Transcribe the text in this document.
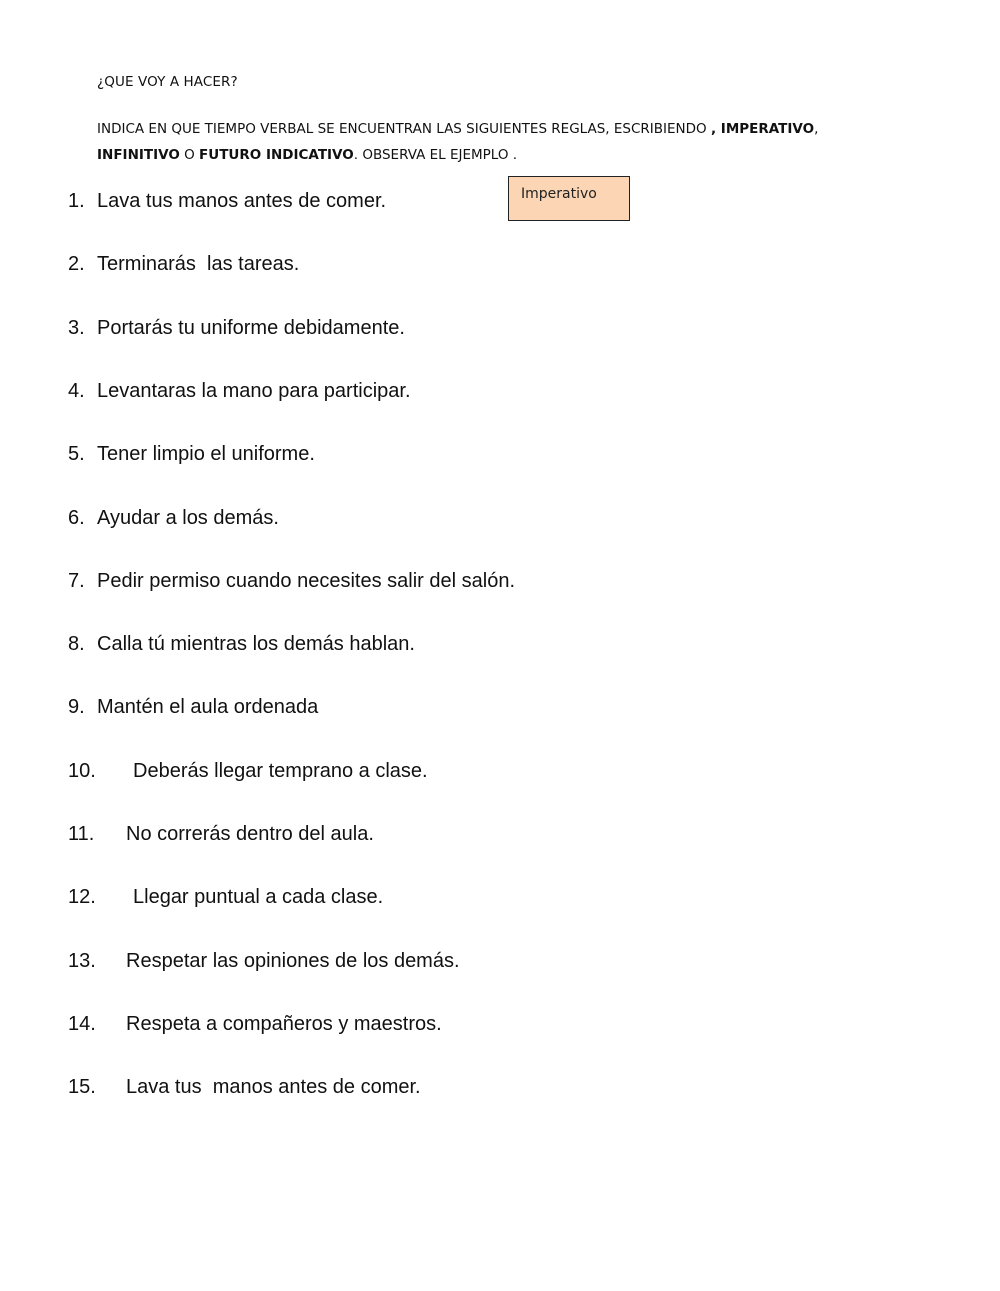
¿QUE VOY A HACER?

INDICA EN QUE TIEMPO VERBAL SE ENCUENTRAN LAS SIGUIENTES REGLAS, ESCRIBIENDO , IMPERATIVO,
INFINITIVO O FUTURO INDICATIVO. OBSERVA EL EJEMPLO .

Imperativo
1. Lava tus manos antes de comer.
2. Terminarás  las tareas.
3. Portarás tu uniforme debidamente.
4. Levantaras la mano para participar.
5. Tener limpio el uniforme.
6. Ayudar a los demás.
7. Pedir permiso cuando necesites salir del salón.
8. Calla tú mientras los demás hablan.
9. Mantén el aula ordenada
10. Deberás llegar temprano a clase.
11. No correrás dentro del aula.
12. Llegar puntual a cada clase.
13. Respetar las opiniones de los demás.
14. Respeta a compañeros y maestros.
15. Lava tus  manos antes de comer.
